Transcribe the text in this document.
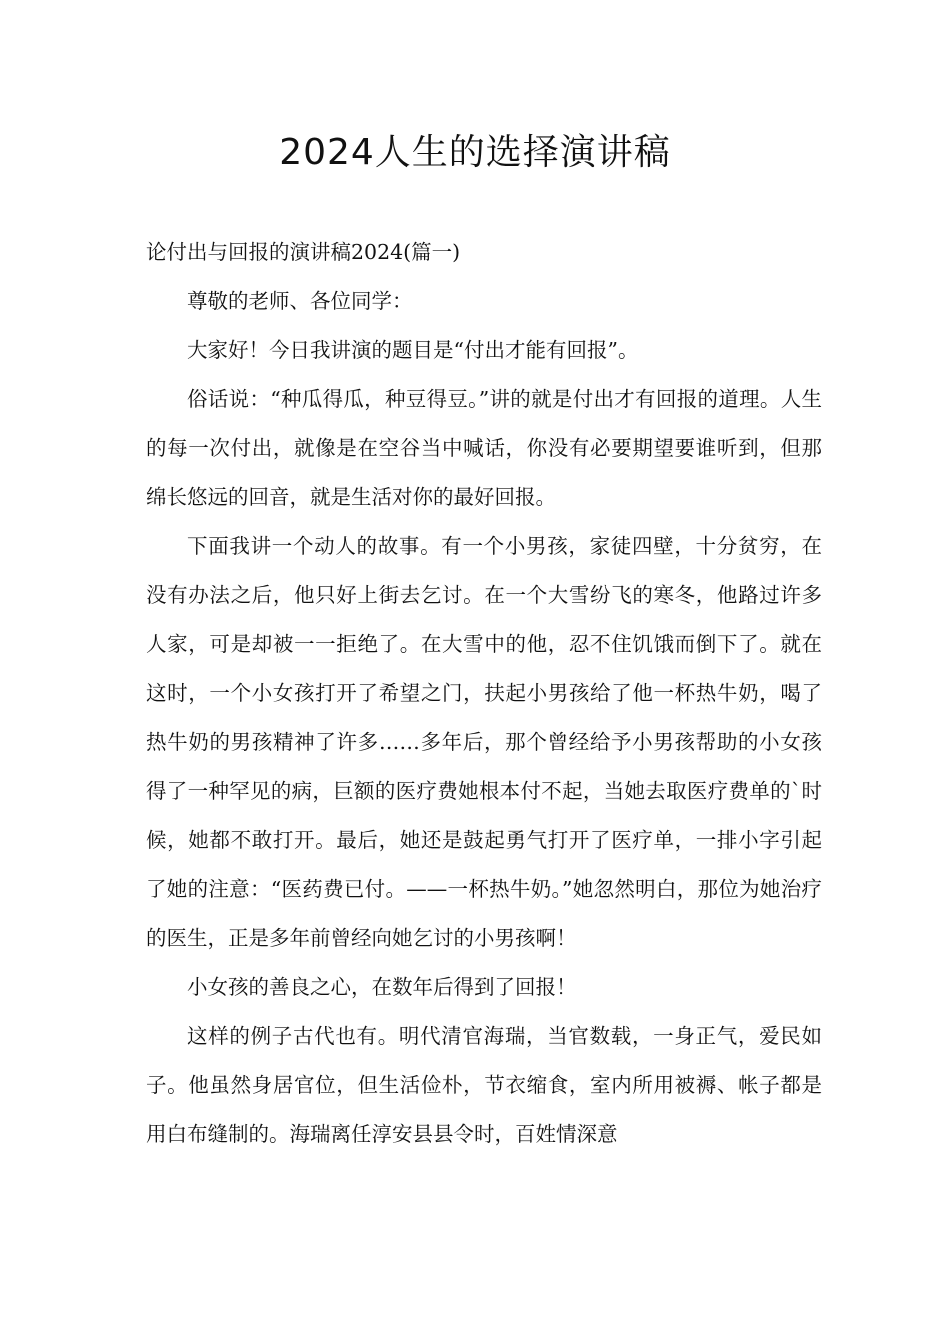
2024人生的选择演讲稿

论付出与回报的演讲稿2024(篇一)

尊敬的老师、各位同学：

大家好！今日我讲演的题目是“付出才能有回报”。

俗话说：“种瓜得瓜，种豆得豆。”讲的就是付出才有回报的道理。人生的每一次付出，就像是在空谷当中喊话，你没有必要期望要谁听到，但那绵长悠远的回音，就是生活对你的最好回报。

下面我讲一个动人的故事。有一个小男孩，家徒四壁，十分贫穷，在没有办法之后，他只好上街去乞讨。在一个大雪纷飞的寒冬，他路过许多人家，可是却被一一拒绝了。在大雪中的他，忍不住饥饿而倒下了。就在这时，一个小女孩打开了希望之门，扶起小男孩给了他一杯热牛奶，喝了热牛奶的男孩精神了许多……多年后，那个曾经给予小男孩帮助的小女孩得了一种罕见的病，巨额的医疗费她根本付不起，当她去取医疗费单的`时候，她都不敢打开。最后，她还是鼓起勇气打开了医疗单，一排小字引起了她的注意：“医药费已付。——一杯热牛奶。”她忽然明白，那位为她治疗的医生，正是多年前曾经向她乞讨的小男孩啊！

小女孩的善良之心，在数年后得到了回报！

这样的例子古代也有。明代清官海瑞，当官数载，一身正气，爱民如子。他虽然身居官位，但生活俭朴，节衣缩食，室内所用被褥、帐子都是用白布缝制的。海瑞离任淳安县县令时，百姓情深意
